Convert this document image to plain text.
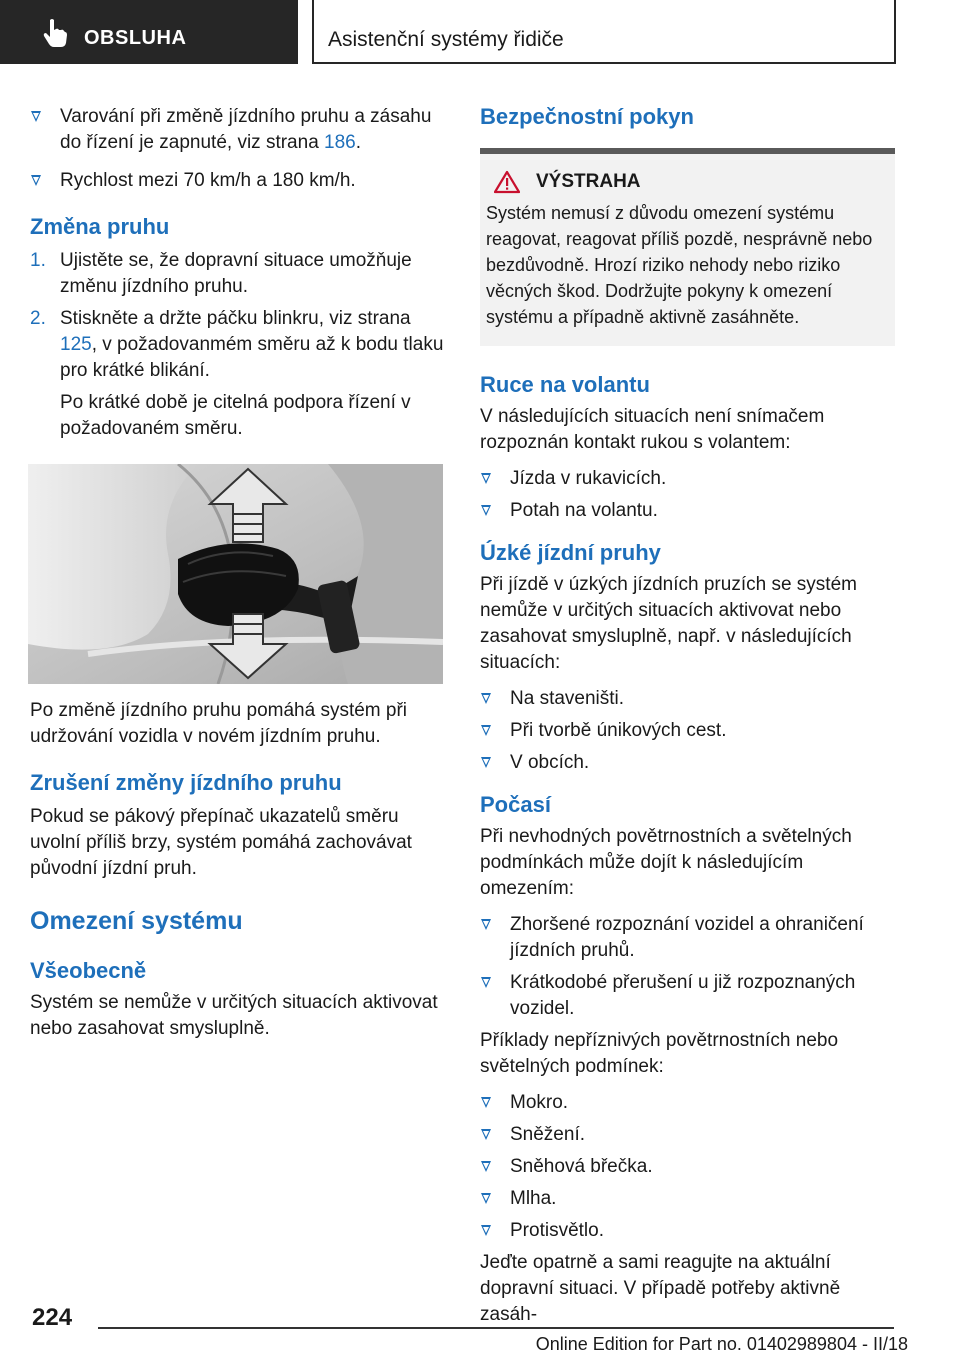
OBSLUHA	Asistenční systémy řidiče
Varování při změně jízdního pruhu a zásahu do řízení je zapnuté, viz strana 186.
Rychlost mezi 70 km/h a 180 km/h.
Změna pruhu
1. Ujistěte se, že dopravní situace umožňuje změnu jízdního pruhu.
2. Stiskněte a držte páčku blinkru, viz strana 125, v požadovanmém směru až k bodu tlaku pro krátké blikání.

Po krátké době je citelná podpora řízení v požadovaném směru.

Po změně jízdního pruhu pomáhá systém při udržování vozidla v novém jízdním pruhu.

Zrušení změny jízdního pruhu

Pokud se pákový přepínač ukazatelů směru uvolní příliš brzy, systém pomáhá zachovávat původní jízdní pruh.

Omezení systému
Všeobecně

Systém se nemůže v určitých situacích aktivovat nebo zasahovat smysluplně.

Bezpečnostní pokyn
VÝSTRAHA

Systém nemusí z důvodu omezení systému reagovat, reagovat příliš pozdě, nesprávně nebo bezdůvodně. Hrozí riziko nehody nebo riziko věcných škod. Dodržujte pokyny k omezení systému a případně aktivně zasáhněte.

Ruce na volantu

V následujících situacích není snímačem rozpoznán kontakt rukou s volantem:

Jízda v rukavicích.
Potah na volantu.
Úzké jízdní pruhy

Při jízdě v úzkých jízdních pruzích se systém nemůže v určitých situacích aktivovat nebo zasahovat smysluplně, např. v následujících situacích:

Na staveništi.
Při tvorbě únikových cest.
V obcích.
Počasí

Při nevhodných povětrnostních a světelných podmínkách může dojít k následujícím omezením:

Zhoršené rozpoznání vozidel a ohraničení jízdních pruhů.
Krátkodobé přerušení u již rozpoznaných vozidel.

Příklady nepříznivých povětrnostních nebo světelných podmínek:

Mokro.
Sněžení.
Sněhová břečka.
Mlha.
Protisvětlo.

Jeďte opatrně a sami reagujte na aktuální dopravní situaci. V případě potřeby aktivně zasáh-

224
Online Edition for Part no. 01402989804 - II/18
